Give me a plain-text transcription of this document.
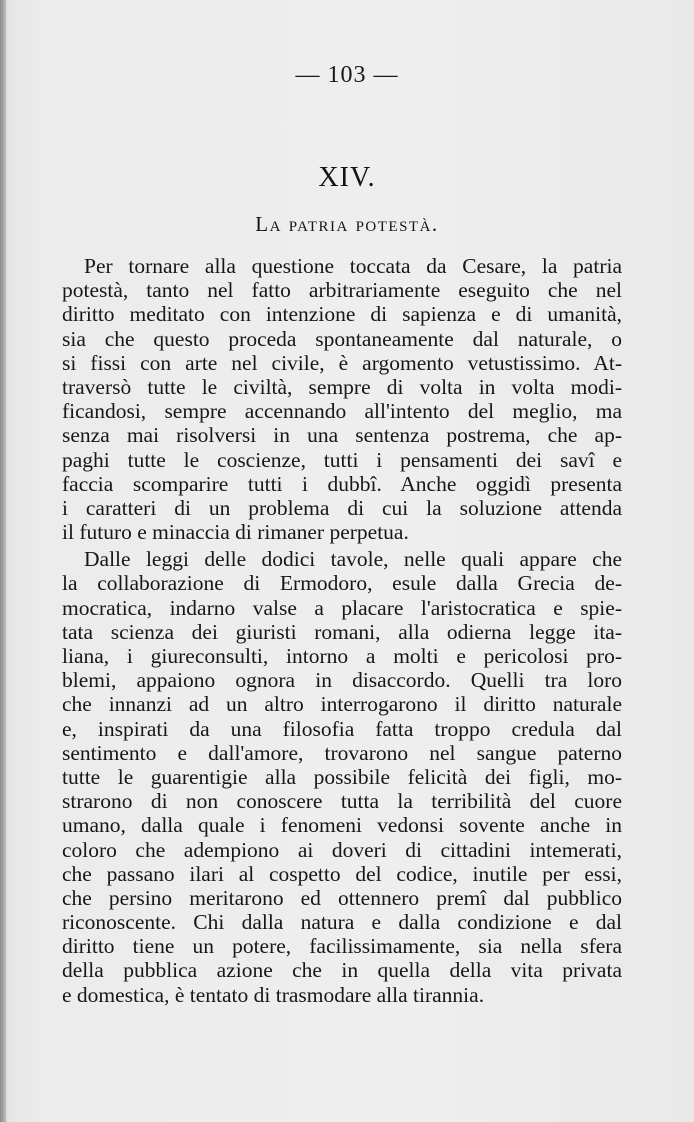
— 103 —
XIV.
La patria potestà.
Per tornare alla questione toccata da Cesare, la patria
potestà, tanto nel fatto arbitrariamente eseguito che nel
diritto meditato con intenzione di sapienza e di umanità,
sia che questo proceda spontaneamente dal naturale, o
si fissi con arte nel civile, è argomento vetustissimo. At-
traversò tutte le civiltà, sempre di volta in volta modi-
ficandosi, sempre accennando all'intento del meglio, ma
senza mai risolversi in una sentenza postrema, che ap-
paghi tutte le coscienze, tutti i pensamenti dei savî e
faccia scomparire tutti i dubbî. Anche oggidì presenta
i caratteri di un problema di cui la soluzione attenda
il futuro e minaccia di rimaner perpetua.
Dalle leggi delle dodici tavole, nelle quali appare che
la collaborazione di Ermodoro, esule dalla Grecia de-
mocratica, indarno valse a placare l'aristocratica e spie-
tata scienza dei giuristi romani, alla odierna legge ita-
liana, i giureconsulti, intorno a molti e pericolosi pro-
blemi, appaiono ognora in disaccordo. Quelli tra loro
che innanzi ad un altro interrogarono il diritto naturale
e, inspirati da una filosofia fatta troppo credula dal
sentimento e dall'amore, trovarono nel sangue paterno
tutte le guarentigie alla possibile felicità dei figli, mo-
strarono di non conoscere tutta la terribilità del cuore
umano, dalla quale i fenomeni vedonsi sovente anche in
coloro che adempiono ai doveri di cittadini intemerati,
che passano ilari al cospetto del codice, inutile per essi,
che persino meritarono ed ottennero premî dal pubblico
riconoscente. Chi dalla natura e dalla condizione e dal
diritto tiene un potere, facilissimamente, sia nella sfera
della pubblica azione che in quella della vita privata
e domestica, è tentato di trasmodare alla tirannia.
